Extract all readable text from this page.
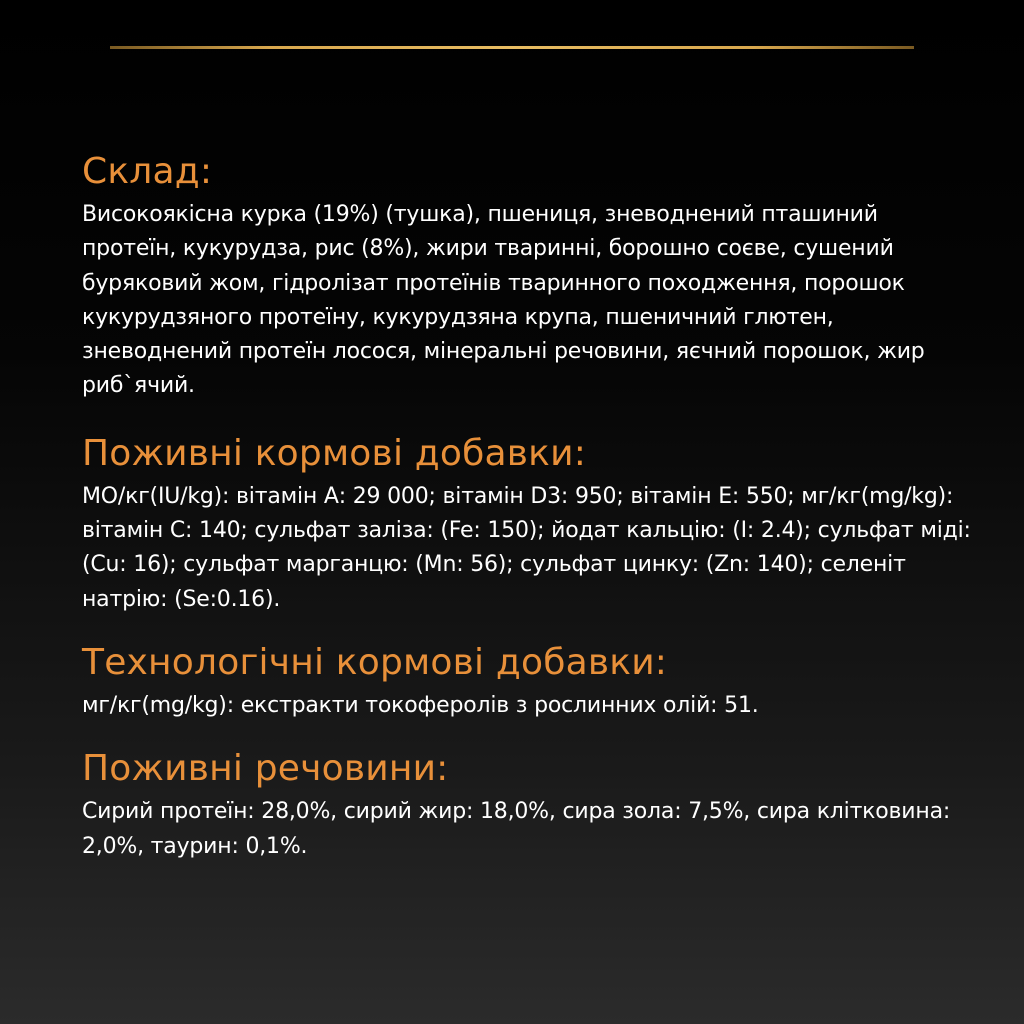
Склад:

Високоякісна курка (19%) (тушка), пшениця, зневоднений пташиний протеїн, кукурудза, рис (8%), жири тваринні, борошно соєве, сушений буряковий жом, гідролізат протеїнів тваринного походження, порошок кукурудзяного протеїну, кукурудзяна крупа, пшеничний глютен, зневоднений протеїн лосося, мінеральні речовини, яєчний порошок, жир риб`ячий.

Поживні кормові добавки:

МО/кг(IU/kg): вітамін А: 29 000; вітамін D3: 950; вітамін Е: 550; мг/кг(mg/kg): вітамін С: 140; сульфат заліза: (Fe: 150); йодат кальцію: (I: 2.4); сульфат міді: (Cu: 16); сульфат марганцю: (Mn: 56); сульфат цинку: (Zn: 140); селеніт натрію: (Se:0.16).

Технологічні кормові добавки:

мг/кг(mg/kg): екстракти токоферолів з рослинних олій: 51.

Поживні речовини:

Сирий протеїн: 28,0%, сирий жир: 18,0%, сира зола: 7,5%, сира клітковина: 2,0%, таурин: 0,1%.
